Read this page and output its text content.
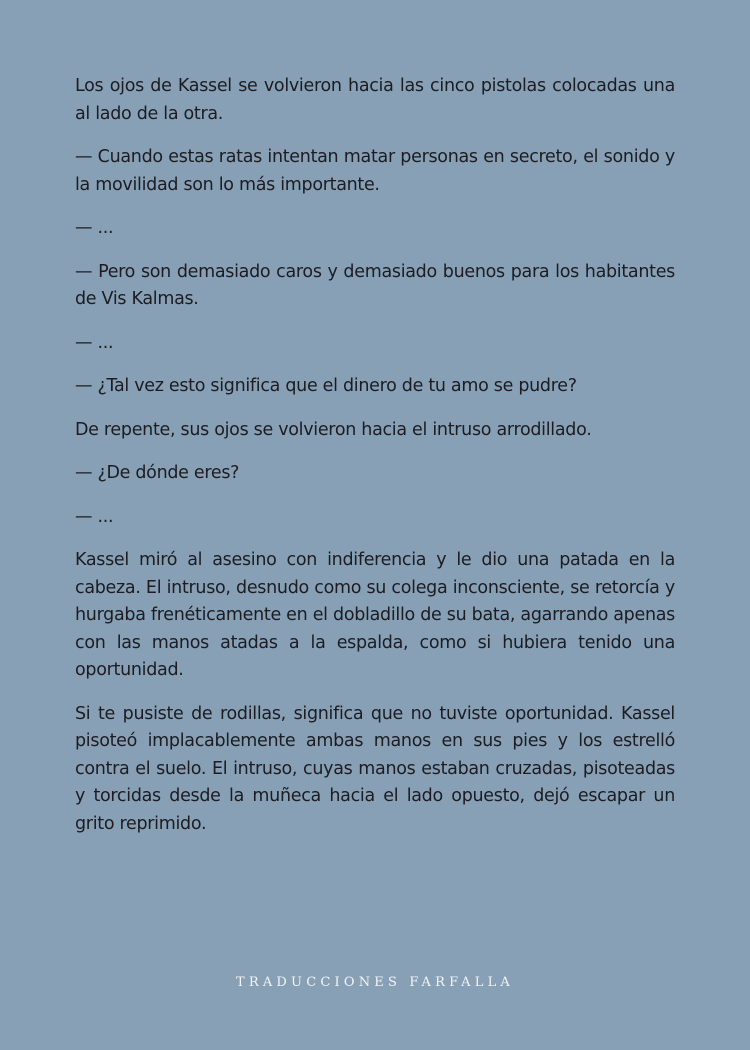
Los ojos de Kassel se volvieron hacia las cinco pistolas colocadas una al lado de la otra.

— Cuando estas ratas intentan matar personas en secreto, el sonido y la movilidad son lo más importante.

— ...

— Pero son demasiado caros y demasiado buenos para los habitantes de Vis Kalmas.

— ...

— ¿Tal vez esto significa que el dinero de tu amo se pudre?

De repente, sus ojos se volvieron hacia el intruso arrodillado.

— ¿De dónde eres?

— ...

Kassel miró al asesino con indiferencia y le dio una patada en la cabeza. El intruso, desnudo como su colega inconsciente, se retorcía y hurgaba frenéticamente en el dobladillo de su bata, agarrando apenas con las manos atadas a la espalda, como si hubiera tenido una oportunidad.

Si te pusiste de rodillas, significa que no tuviste oportunidad. Kassel pisoteó implacablemente ambas manos en sus pies y los estrelló contra el suelo. El intruso, cuyas manos estaban cruzadas, pisoteadas y torcidas desde la muñeca hacia el lado opuesto, dejó escapar un grito reprimido.

TRADUCCIONES FARFALLA
